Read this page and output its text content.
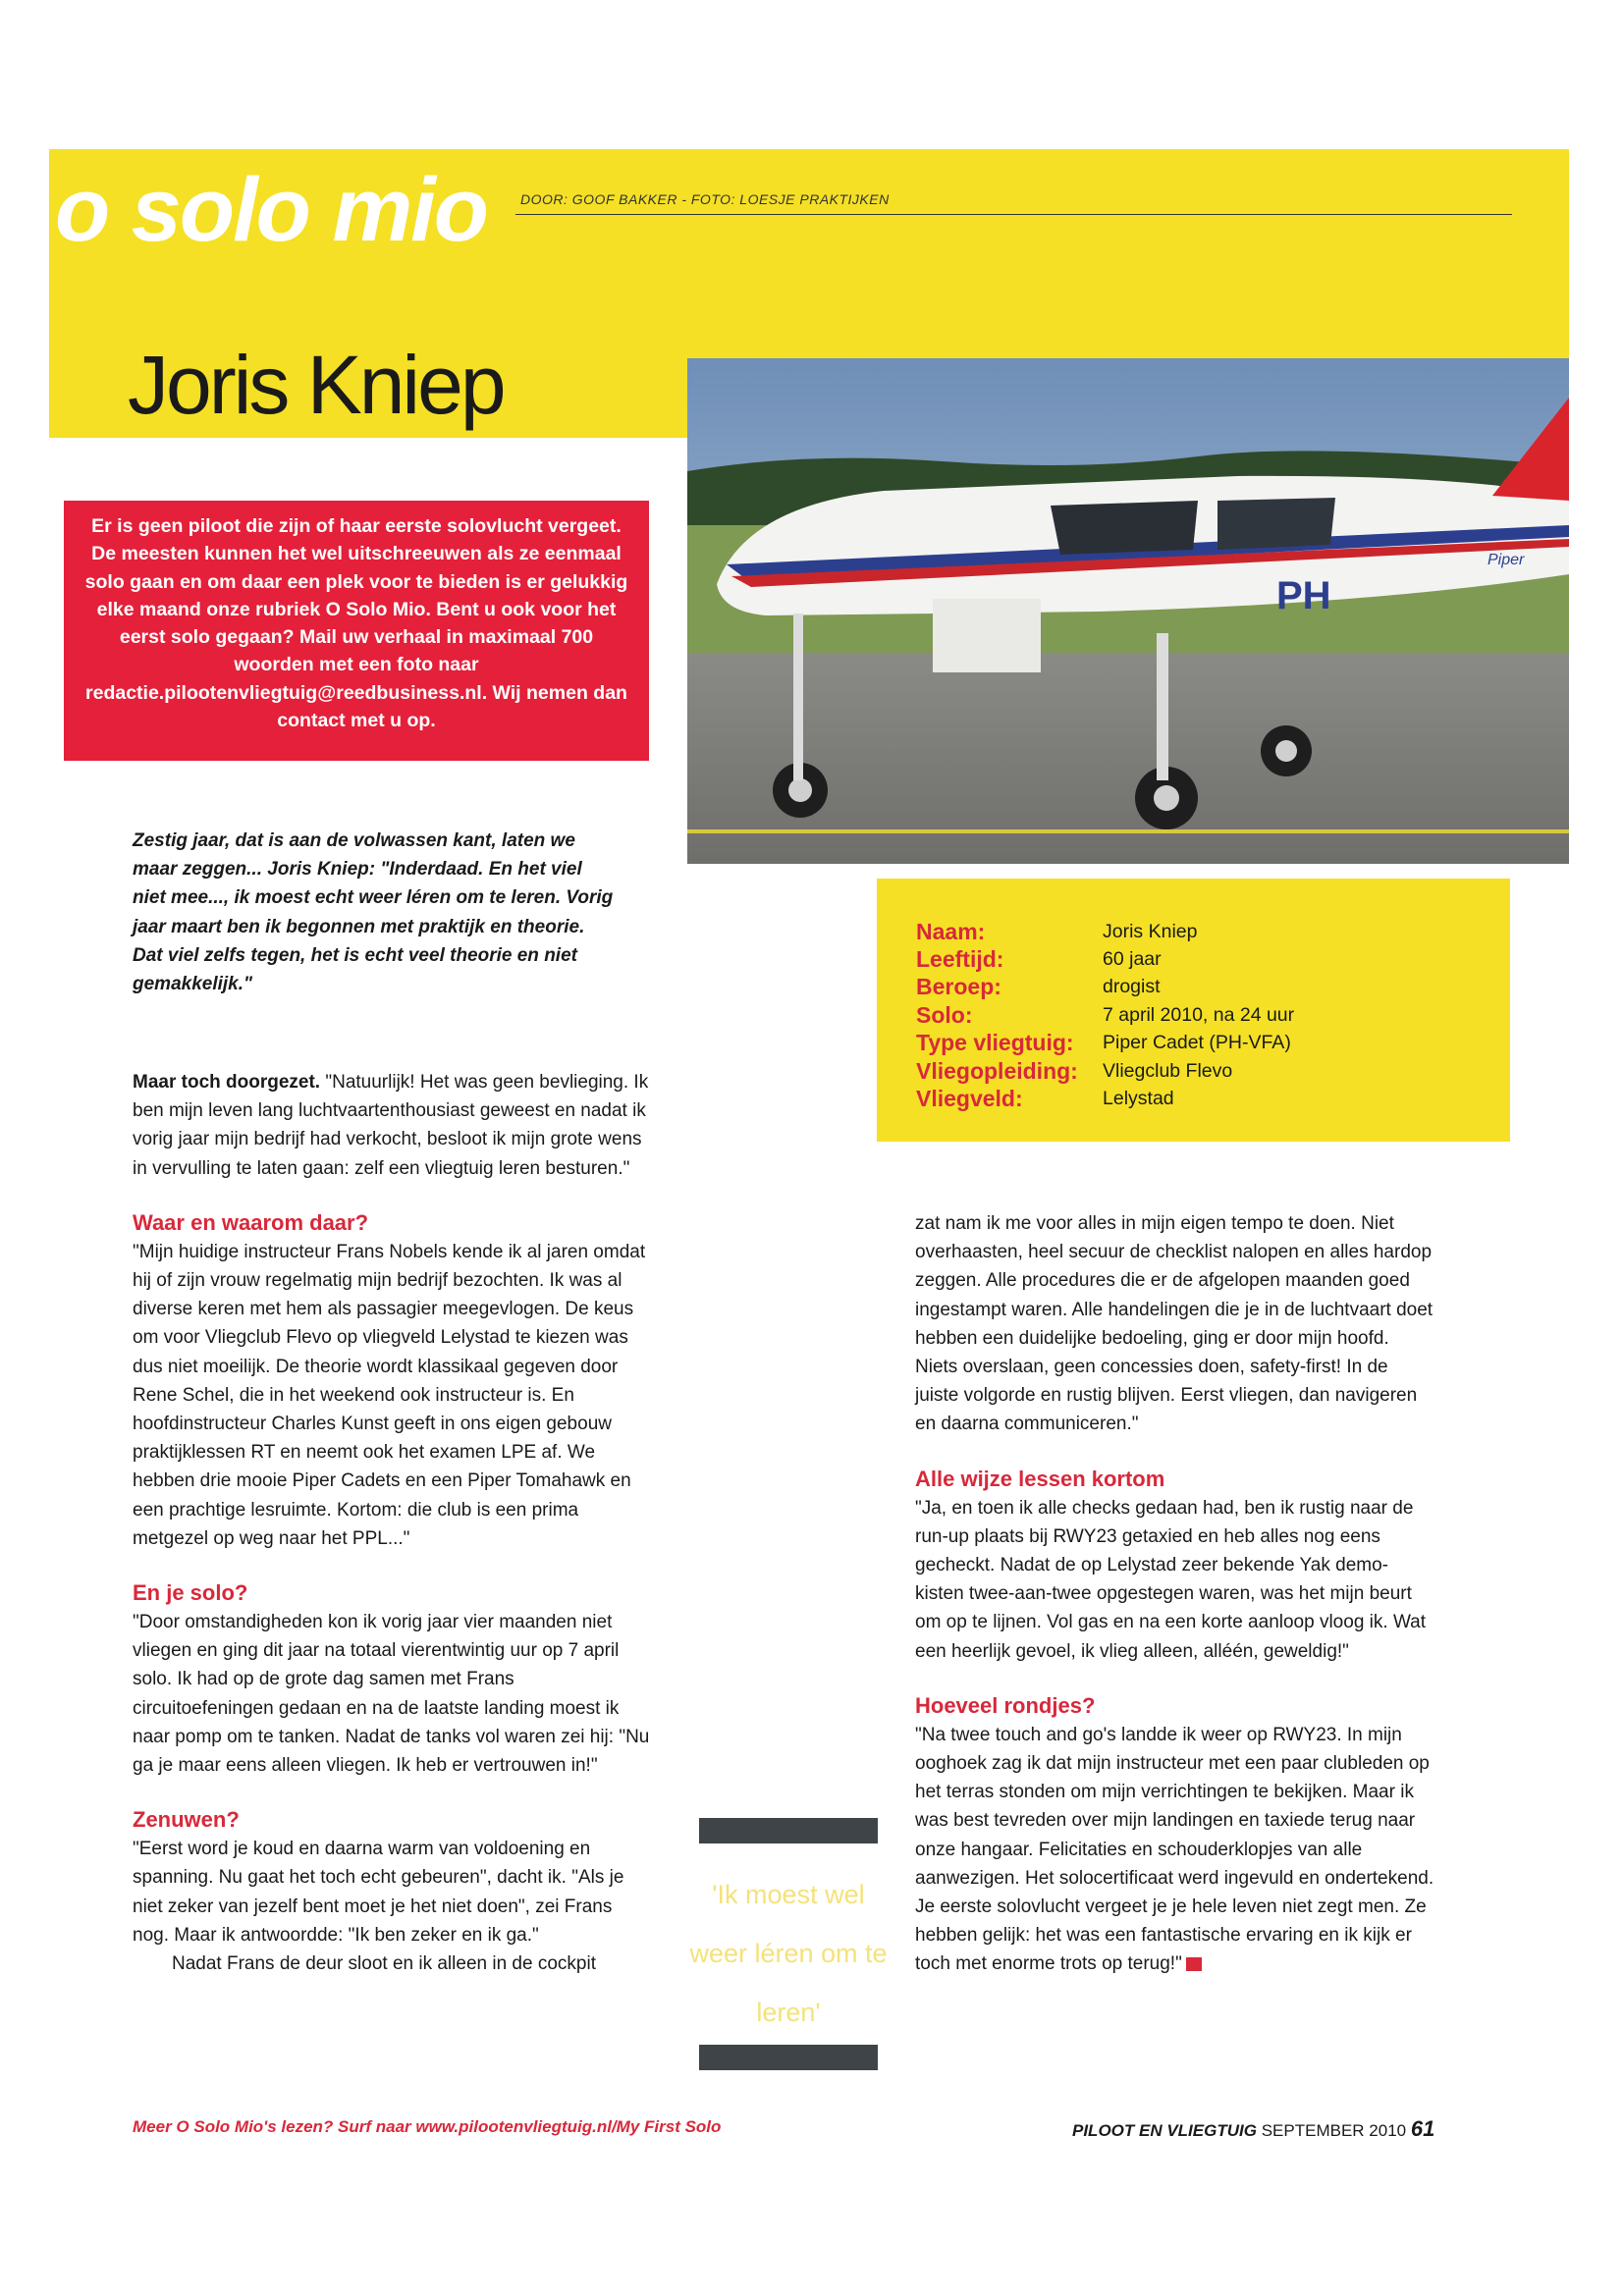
o solo mio DOOR: GOOF BAKKER - FOTO: LOESJE PRAKTIJKEN
Joris Kniep
Piper
PH

Er is geen piloot die zijn of haar eerste solovlucht vergeet. De meesten kunnen het wel uitschreeuwen als ze eenmaal solo gaan en om daar een plek voor te bieden is er gelukkig elke maand onze rubriek O Solo Mio. Bent u ook voor het eerst solo gegaan? Mail uw verhaal in maximaal 700 woorden met een foto naar redactie.pilootenvliegtuig@reedbusiness.nl. Wij nemen dan contact met u op.

Zestig jaar, dat is aan de volwassen kant, laten we maar zeggen... Joris Kniep: "Inderdaad. En het viel niet mee..., ik moest echt weer léren om te leren. Vorig jaar maart ben ik begonnen met praktijk en theorie. Dat viel zelfs tegen, het is echt veel theorie en niet gemakkelijk."

Naam:	Joris Kniep
Leeftijd:	60 jaar
Beroep:	drogist
Solo:	7 april 2010, na 24 uur
Type vliegtuig:	Piper Cadet (PH-VFA)
Vliegopleiding:	Vliegclub Flevo
Vliegveld:	Lelystad

Maar toch doorgezet. "Natuurlijk! Het was geen bevlieging. Ik ben mijn leven lang luchtvaartenthousiast geweest en nadat ik vorig jaar mijn bedrijf had verkocht, besloot ik mijn grote wens in vervulling te laten gaan: zelf een vliegtuig leren besturen."

Waar en waarom daar?

"Mijn huidige instructeur Frans Nobels kende ik al jaren omdat hij of zijn vrouw regelmatig mijn bedrijf bezochten. Ik was al diverse keren met hem als passagier meegevlogen. De keus om voor Vliegclub Flevo op vliegveld Lelystad te kiezen was dus niet moeilijk. De theorie wordt klassikaal gegeven door Rene Schel, die in het weekend ook instructeur is. En hoofdinstructeur Charles Kunst geeft in ons eigen gebouw praktijklessen RT en neemt ook het examen LPE af. We hebben drie mooie Piper Cadets en een Piper Tomahawk en een prachtige lesruimte. Kortom: die club is een prima metgezel op weg naar het PPL..."

En je solo?

"Door omstandigheden kon ik vorig jaar vier maanden niet vliegen en ging dit jaar na totaal vierentwintig uur op 7 april solo. Ik had op de grote dag samen met Frans circuitoefeningen gedaan en na de laatste landing moest ik naar pomp om te tanken. Nadat de tanks vol waren zei hij: "Nu ga je maar eens alleen vliegen. Ik heb er vertrouwen in!"

Zenuwen?

"Eerst word je koud en daarna warm van voldoening en spanning. Nu gaat het toch echt gebeuren", dacht ik. "Als je niet zeker van jezelf bent moet je het niet doen", zei Frans nog. Maar ik antwoordde: "Ik ben zeker en ik ga."

Nadat Frans de deur sloot en ik alleen in de cockpit

'Ik moest wel weer léren om te leren'

zat nam ik me voor alles in mijn eigen tempo te doen. Niet overhaasten, heel secuur de checklist nalopen en alles hardop zeggen. Alle procedures die er de afgelopen maanden goed ingestampt waren. Alle handelingen die je in de luchtvaart doet hebben een duidelijke bedoeling, ging er door mijn hoofd. Niets overslaan, geen concessies doen, safety-first! In de juiste volgorde en rustig blijven. Eerst vliegen, dan navigeren en daarna communiceren."

Alle wijze lessen kortom

"Ja, en toen ik alle checks gedaan had, ben ik rustig naar de run-up plaats bij RWY23 getaxied en heb alles nog eens gecheckt. Nadat de op Lelystad zeer bekende Yak demo-kisten twee-aan-twee opgestegen waren, was het mijn beurt om op te lijnen. Vol gas en na een korte aanloop vloog ik. Wat een heerlijk gevoel, ik vlieg alleen, alléén, geweldig!"

Hoeveel rondjes?

"Na twee touch and go's landde ik weer op RWY23. In mijn ooghoek zag ik dat mijn instructeur met een paar clubleden op het terras stonden om mijn verrichtingen te bekijken. Maar ik was best tevreden over mijn landingen en taxiede terug naar onze hangaar. Felicitaties en schouderklopjes van alle aanwezigen. Het solocertificaat werd ingevuld en ondertekend. Je eerste solovlucht vergeet je je hele leven niet zegt men. Ze hebben gelijk: het was een fantastische ervaring en ik kijk er toch met enorme trots op terug!"

Meer O Solo Mio's lezen? Surf naar www.pilootenvliegtuig.nl/My First Solo	PILOOT EN VLIEGTUIG SEPTEMBER 2010 61
